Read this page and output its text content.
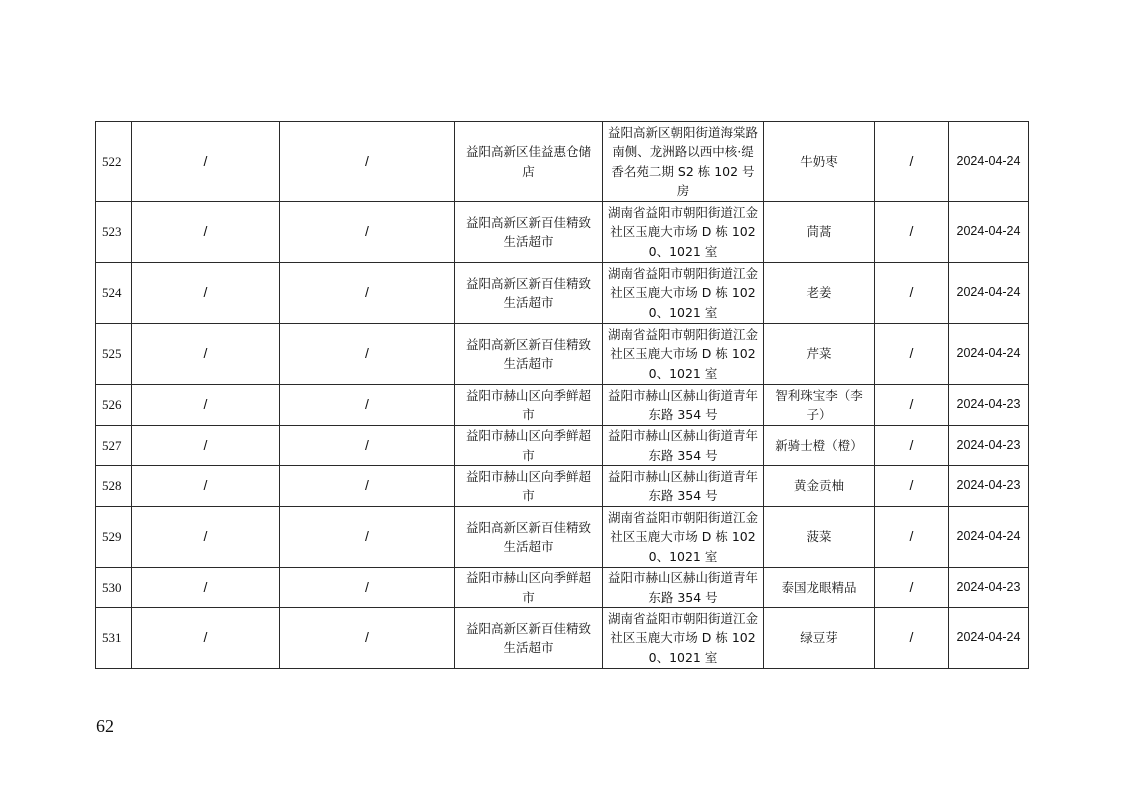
522	/	/	益阳高新区佳益惠仓储店	益阳高新区朝阳街道海棠路南侧、龙洲路以西中核·缇香名苑二期 S2 栋 102 号房	牛奶枣	/	2024-04-24
523	/	/	益阳高新区新百佳精致生活超市	湖南省益阳市朝阳街道江金社区玉鹿大市场 D 栋 1020、1021 室	茼蒿	/	2024-04-24
524	/	/	益阳高新区新百佳精致生活超市	湖南省益阳市朝阳街道江金社区玉鹿大市场 D 栋 1020、1021 室	老姜	/	2024-04-24
525	/	/	益阳高新区新百佳精致生活超市	湖南省益阳市朝阳街道江金社区玉鹿大市场 D 栋 1020、1021 室	芹菜	/	2024-04-24
526	/	/	益阳市赫山区向季鲜超市	益阳市赫山区赫山街道青年东路 354 号	智利珠宝李（李子）	/	2024-04-23
527	/	/	益阳市赫山区向季鲜超市	益阳市赫山区赫山街道青年东路 354 号	新骑士橙（橙）	/	2024-04-23
528	/	/	益阳市赫山区向季鲜超市	益阳市赫山区赫山街道青年东路 354 号	黄金贡柚	/	2024-04-23
529	/	/	益阳高新区新百佳精致生活超市	湖南省益阳市朝阳街道江金社区玉鹿大市场 D 栋 1020、1021 室	菠菜	/	2024-04-24
530	/	/	益阳市赫山区向季鲜超市	益阳市赫山区赫山街道青年东路 354 号	泰国龙眼精品	/	2024-04-23
531	/	/	益阳高新区新百佳精致生活超市	湖南省益阳市朝阳街道江金社区玉鹿大市场 D 栋 1020、1021 室	绿豆芽	/	2024-04-24
62
